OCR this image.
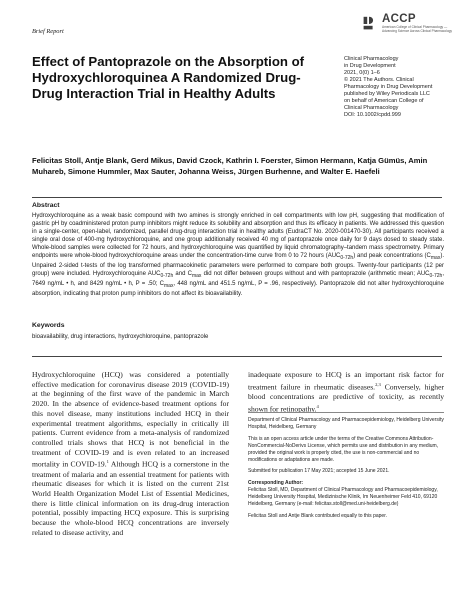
Brief Report
ACCP
American College of Clinical Pharmacology — Advancing Science Across Clinical Pharmacology
Effect of Pantoprazole on the Absorption of Hydroxychloroquinea A Randomized Drug-Drug Interaction Trial in Healthy Adults
Clinical Pharmacology
in Drug Development
2021, 0(0) 1–6
© 2021 The Authors. Clinical
Pharmacology in Drug Development
published by Wiley Periodicals LLC
on behalf of American College of
Clinical Pharmacology
DOI: 10.1002/cpdd.999
Felicitas Stoll, Antje Blank, Gerd Mikus, David Czock, Kathrin I. Foerster, Simon Hermann, Katja Gümüs, Amin Muhareb, Simone Hummler, Max Sauter, Johanna Weiss, Jürgen Burhenne, and Walter E. Haefeli
Abstract
Hydroxychloroquine as a weak basic compound with two amines is strongly enriched in cell compartments with low pH, suggesting that modification of gastric pH by coadministered proton pump inhibitors might reduce its solubility and absorption and thus its efficacy in patients. We addressed this question in a single-center, open-label, randomized, parallel drug-drug interaction trial in healthy adults (EudraCT No. 2020-001470-30). All participants received a single oral dose of 400-mg hydroxychloroquine, and one group additionally received 40 mg of pantoprazole once daily for 9 days dosed to steady state. Whole-blood samples were collected for 72 hours, and hydroxychloroquine was quantified by liquid chromatography–tandem mass spectrometry. Primary endpoints were whole-blood hydroxychloroquine areas under the concentration-time curve from 0 to 72 hours $(AUC_{0-72h})$ and peak concentrations $(C_{max})$. Unpaired 2-sided t-tests of the log transformed pharmacokinetic parameters were performed to compare both groups. Twenty-four participants (12 per group) were included. Hydroxychloroquine $AUC_{0-72h}$ and $C_{max}$ did not differ between groups without and with pantoprazole (arithmetic mean; $AUC_{0-72h}$, 7649 ng/mL • h, and 8429 ng/mL • h, P = .50; $C_{max}$, 448 ng/mL and 451.5 ng/mL, P = .96, respectively). Pantoprazole did not alter hydroxychloroquine absorption, indicating that proton pump inhibitors do not affect its bioavailability.
Keywords
bioavailability, drug interactions, hydroxychloroquine, pantoprazole
Hydroxychloroquine (HCQ) was considered a potentially effective medication for coronavirus disease 2019 (COVID-19) at the beginning of the first wave of the pandemic in March 2020. In the absence of evidence-based treatment options for this novel disease, many institutions included HCQ in their experimental treatment algorithms, especially in critically ill patients. Current evidence from a meta-analysis of randomized controlled trials shows that HCQ is not beneficial in the treatment of COVID-19 and is even related to an increased mortality in COVID-19.$^1$ Although HCQ is a cornerstone in the treatment of malaria and an essential treatment for patients with rheumatic diseases for which it is listed on the current 21st World Health Organization Model List of Essential Medicines, there is little clinical information on its drug-drug interaction potential, possibly impacting HCQ exposure. This is surprising because the whole-blood HCQ concentrations are inversely related to disease activity, and
inadequate exposure to HCQ is an important risk factor for treatment failure in rheumatic diseases.$^{2,3}$ Conversely, higher blood concentrations are predictive of toxicity, as recently shown for retinopathy.$^4$

Department of Clinical Pharmacology and Pharmacoepidemiology, Heidelberg University Hospital, Heidelberg, Germany

This is an open access article under the terms of the Creative Commons Attribution-NonCommercial-NoDerivs License, which permits use and distribution in any medium, provided the original work is properly cited, the use is non-commercial and no modifications or adaptations are made.

Submitted for publication 17 May 2021; accepted 15 June 2021.

Corresponding Author:

Felicitas Stoll, MD, Department of Clinical Pharmacology and Pharmacoepidemiology, Heidelberg University Hospital, Medizinische Klinik, Im Neuenheimer Feld 410, 69120 Heidelberg, Germany (e-mail: felicitas.stoll@med.uni-heidelberg.de)

Felicitas Stoll and Antje Blank contributed equally to this paper.
